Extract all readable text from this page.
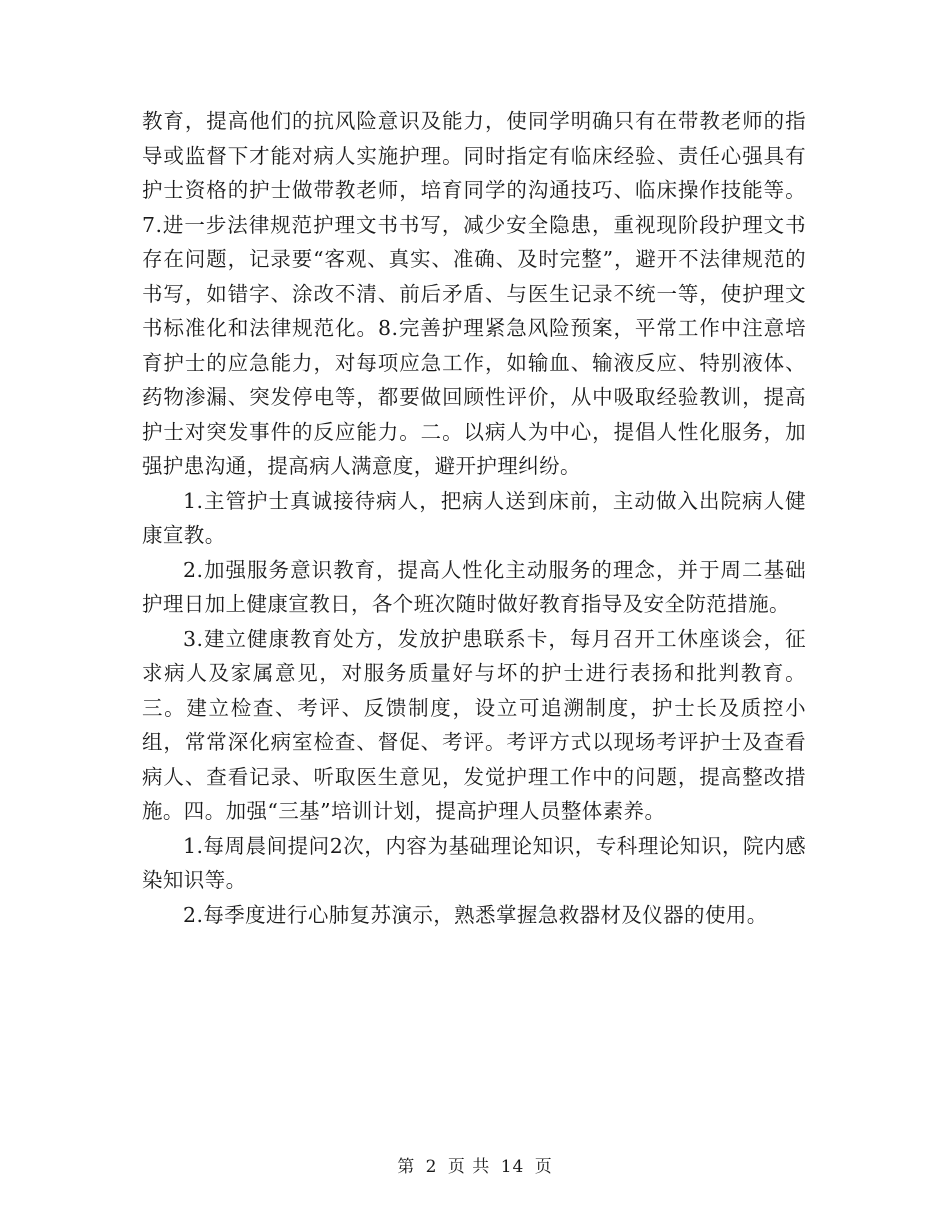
教育，提高他们的抗风险意识及能力，使同学明确只有在带教老师的指导或监督下才能对病人实施护理。同时指定有临床经验、责任心强具有护士资格的护士做带教老师，培育同学的沟通技巧、临床操作技能等。7.进一步法律规范护理文书书写，减少安全隐患，重视现阶段护理文书存在问题，记录要“客观、真实、准确、及时完整”，避开不法律规范的书写，如错字、涂改不清、前后矛盾、与医生记录不统一等，使护理文书标准化和法律规范化。8.完善护理紧急风险预案，平常工作中注意培育护士的应急能力，对每项应急工作，如输血、输液反应、特别液体、药物渗漏、突发停电等，都要做回顾性评价，从中吸取经验教训，提高护士对突发事件的反应能力。二。以病人为中心，提倡人性化服务，加强护患沟通，提高病人满意度，避开护理纠纷。

1.主管护士真诚接待病人，把病人送到床前，主动做入出院病人健康宣教。

2.加强服务意识教育，提高人性化主动服务的理念，并于周二基础护理日加上健康宣教日，各个班次随时做好教育指导及安全防范措施。

3.建立健康教育处方，发放护患联系卡，每月召开工休座谈会，征求病人及家属意见，对服务质量好与坏的护士进行表扬和批判教育。三。建立检查、考评、反馈制度，设立可追溯制度，护士长及质控小组，常常深化病室检查、督促、考评。考评方式以现场考评护士及查看病人、查看记录、听取医生意见，发觉护理工作中的问题，提高整改措施。四。加强“三基”培训计划，提高护理人员整体素养。

1.每周晨间提问2次，内容为基础理论知识，专科理论知识，院内感染知识等。

2.每季度进行心肺复苏演示，熟悉掌握急救器材及仪器的使用。

第 2 页 共 14 页
